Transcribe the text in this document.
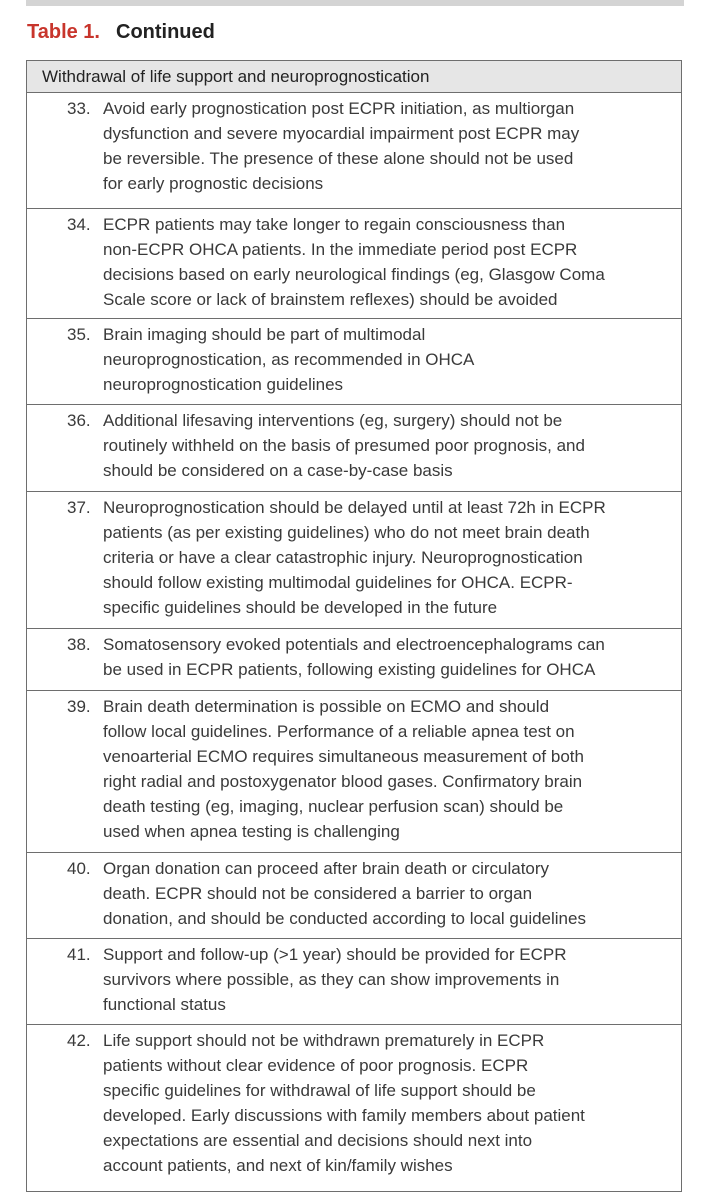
Table 1. Continued
Withdrawal of life support and neuroprognostication
33. Avoid early prognostication post ECPR initiation, as multiorgan
dysfunction and severe myocardial impairment post ECPR may
be reversible. The presence of these alone should not be used
for early prognostic decisions
34. ECPR patients may take longer to regain consciousness than
non-ECPR OHCA patients. In the immediate period post ECPR
decisions based on early neurological findings (eg, Glasgow Coma
Scale score or lack of brainstem reflexes) should be avoided
35. Brain imaging should be part of multimodal
neuroprognostication, as recommended in OHCA
neuroprognostication guidelines
36. Additional lifesaving interventions (eg, surgery) should not be
routinely withheld on the basis of presumed poor prognosis, and
should be considered on a case-by-case basis
37. Neuroprognostication should be delayed until at least 72h in ECPR
patients (as per existing guidelines) who do not meet brain death
criteria or have a clear catastrophic injury. Neuroprognostication
should follow existing multimodal guidelines for OHCA. ECPR-
specific guidelines should be developed in the future
38. Somatosensory evoked potentials and electroencephalograms can
be used in ECPR patients, following existing guidelines for OHCA
39. Brain death determination is possible on ECMO and should
follow local guidelines. Performance of a reliable apnea test on
venoarterial ECMO requires simultaneous measurement of both
right radial and postoxygenator blood gases. Confirmatory brain
death testing (eg, imaging, nuclear perfusion scan) should be
used when apnea testing is challenging
40. Organ donation can proceed after brain death or circulatory
death. ECPR should not be considered a barrier to organ
donation, and should be conducted according to local guidelines
41. Support and follow-up (>1 year) should be provided for ECPR
survivors where possible, as they can show improvements in
functional status
42. Life support should not be withdrawn prematurely in ECPR
patients without clear evidence of poor prognosis. ECPR
specific guidelines for withdrawal of life support should be
developed. Early discussions with family members about patient
expectations are essential and decisions should next into
account patients, and next of kin/family wishes
